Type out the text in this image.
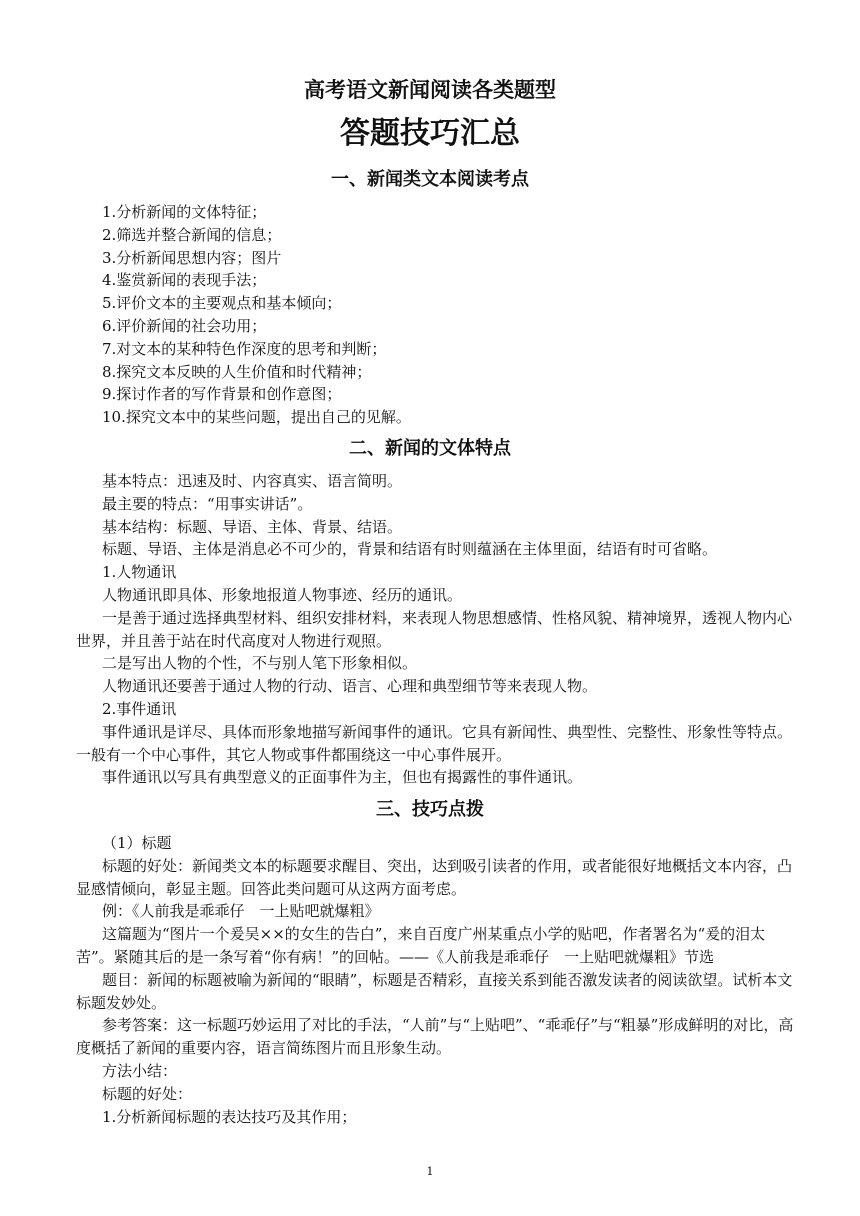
高考语文新闻阅读各类题型
答题技巧汇总
一、新闻类文本阅读考点

1.分析新闻的文体特征；

2.筛选并整合新闻的信息；

3.分析新闻思想内容；图片

4.鉴赏新闻的表现手法；

5.评价文本的主要观点和基本倾向；

6.评价新闻的社会功用；

7.对文本的某种特色作深度的思考和判断；

8.探究文本反映的人生价值和时代精神；

9.探讨作者的写作背景和创作意图；

10.探究文本中的某些问题，提出自己的见解。

二、新闻的文体特点

基本特点：迅速及时、内容真实、语言简明。

最主要的特点：“用事实讲话”。

基本结构：标题、导语、主体、背景、结语。

标题、导语、主体是消息必不可少的，背景和结语有时则蕴涵在主体里面，结语有时可省略。

1.人物通讯

人物通讯即具体、形象地报道人物事迹、经历的通讯。

一是善于通过选择典型材料、组织安排材料，来表现人物思想感情、性格风貌、精神境界，透视人物内心世界，并且善于站在时代高度对人物进行观照。

二是写出人物的个性，不与别人笔下形象相似。

人物通讯还要善于通过人物的行动、语言、心理和典型细节等来表现人物。

2.事件通讯

事件通讯是详尽、具体而形象地描写新闻事件的通讯。它具有新闻性、典型性、完整性、形象性等特点。一般有一个中心事件，其它人物或事件都围绕这一中心事件展开。

事件通讯以写具有典型意义的正面事件为主，但也有揭露性的事件通讯。

三、技巧点拨

（1）标题

标题的好处：新闻类文本的标题要求醒目、突出，达到吸引读者的作用，或者能很好地概括文本内容，凸显感情倾向，彰显主题。回答此类问题可从这两方面考虑。

例：《人前我是乖乖仔　一上贴吧就爆粗》

这篇题为“图片一个爰吴××的女生的告白”，来自百度广州某重点小学的贴吧，作者署名为“爰的泪太苦”。紧随其后的是一条写着“你有病！”的回帖。——《人前我是乖乖仔　一上贴吧就爆粗》节选

题目：新闻的标题被喻为新闻的“眼睛”，标题是否精彩，直接关系到能否激发读者的阅读欲望。试析本文标题发妙处。

参考答案：这一标题巧妙运用了对比的手法，“人前”与“上贴吧”、“乖乖仔”与“粗暴”形成鲜明的对比，高度概括了新闻的重要内容，语言简练图片而且形象生动。

方法小结：

标题的好处：

1.分析新闻标题的表达技巧及其作用；

1
